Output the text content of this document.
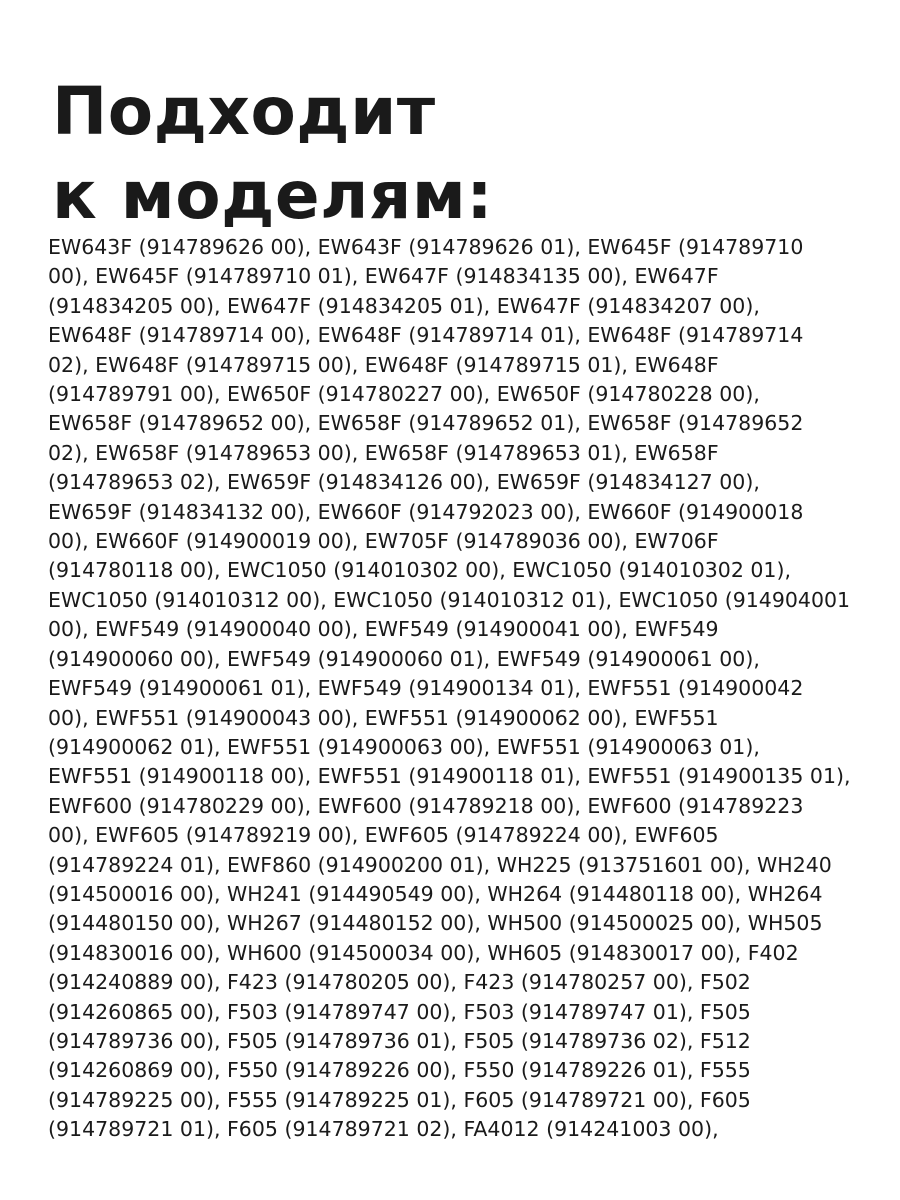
Подходит
к моделям:
EW643F (914789626 00), EW643F (914789626 01), EW645F (914789710
00), EW645F (914789710 01), EW647F (914834135 00), EW647F
(914834205 00), EW647F (914834205 01), EW647F (914834207 00),
EW648F (914789714 00), EW648F (914789714 01), EW648F (914789714
02), EW648F (914789715 00), EW648F (914789715 01), EW648F
(914789791 00), EW650F (914780227 00), EW650F (914780228 00),
EW658F (914789652 00), EW658F (914789652 01), EW658F (914789652
02), EW658F (914789653 00), EW658F (914789653 01), EW658F
(914789653 02), EW659F (914834126 00), EW659F (914834127 00),
EW659F (914834132 00), EW660F (914792023 00), EW660F (914900018
00), EW660F (914900019 00), EW705F (914789036 00), EW706F
(914780118 00), EWC1050 (914010302 00), EWC1050 (914010302 01),
EWC1050 (914010312 00), EWC1050 (914010312 01), EWC1050 (914904001
00), EWF549 (914900040 00), EWF549 (914900041 00), EWF549
(914900060 00), EWF549 (914900060 01), EWF549 (914900061 00),
EWF549 (914900061 01), EWF549 (914900134 01), EWF551 (914900042
00), EWF551 (914900043 00), EWF551 (914900062 00), EWF551
(914900062 01), EWF551 (914900063 00), EWF551 (914900063 01),
EWF551 (914900118 00), EWF551 (914900118 01), EWF551 (914900135 01),
EWF600 (914780229 00), EWF600 (914789218 00), EWF600 (914789223
00), EWF605 (914789219 00), EWF605 (914789224 00), EWF605
(914789224 01), EWF860 (914900200 01), WH225 (913751601 00), WH240
(914500016 00), WH241 (914490549 00), WH264 (914480118 00), WH264
(914480150 00), WH267 (914480152 00), WH500 (914500025 00), WH505
(914830016 00), WH600 (914500034 00), WH605 (914830017 00), F402
(914240889 00), F423 (914780205 00), F423 (914780257 00), F502
(914260865 00), F503 (914789747 00), F503 (914789747 01), F505
(914789736 00), F505 (914789736 01), F505 (914789736 02), F512
(914260869 00), F550 (914789226 00), F550 (914789226 01), F555
(914789225 00), F555 (914789225 01), F605 (914789721 00), F605
(914789721 01), F605 (914789721 02), FA4012 (914241003 00),
